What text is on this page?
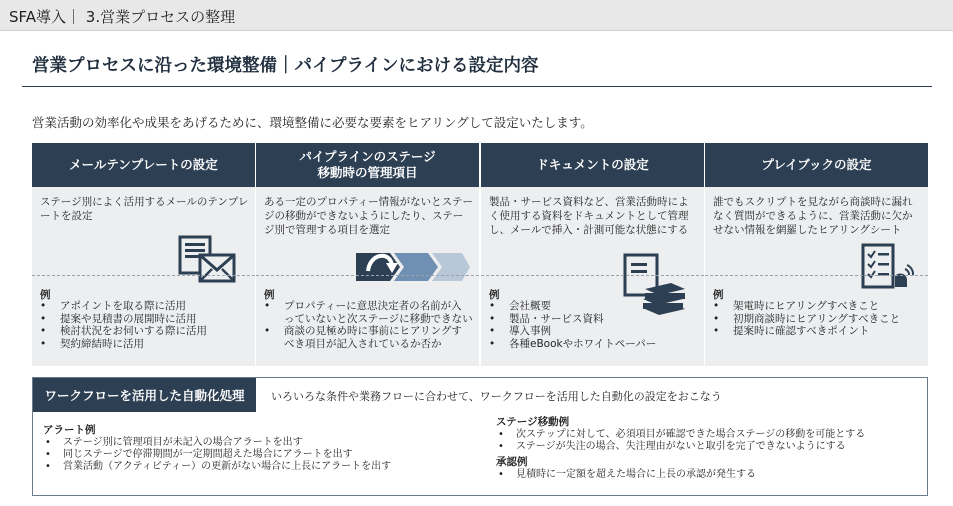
SFA導入｜ 3.営業プロセスの整理
営業プロセスに沿った環境整備｜パイプラインにおける設定内容
営業活動の効率化や成果をあげるために、環境整備に必要な要素をヒアリングして設定いたします。
メールテンプレートの設定
ステージ別によく活用するメールのテンプレートを設定
例
• アポイントを取る際に活用
• 提案や見積書の展開時に活用
• 検討状況をお伺いする際に活用
• 契約締結時に活用
パイプラインのステージ
移動時の管理項目
ある一定のプロパティー情報がないとステージの移動ができないようにしたり、ステージ別で管理する項目を選定
例
• プロパティーに意思決定者の名前が入
っていないと次ステージに移動できない
• 商談の見極め時に事前にヒアリングす
べき項目が記入されているか否か
ドキュメントの設定
製品・サービス資料など、営業活動時によく使用する資料をドキュメントとして管理し、メールで挿入・計測可能な状態にする
例
• 会社概要
• 製品・サービス資料
• 導入事例
• 各種eBookやホワイトペーパー
プレイブックの設定
誰でもスクリプトを見ながら商談時に漏れなく質問ができるように、営業活動に欠かせない情報を網羅したヒアリングシート
例
• 架電時にヒアリングすべきこと
• 初期商談時にヒアリングすべきこと
• 提案時に確認すべきポイント
ワークフローを活用した自動化処理	いろいろな条件や業務フローに合わせて、ワークフローを活用した自動化の設定をおこなう
アラート例
• ステージ別に管理項目が未記入の場合アラートを出す
• 同じステージで停滞期間が一定期間超えた場合にアラートを出す
• 営業活動（アクティビティー）の更新がない場合に上長にアラートを出す
ステージ移動例
• 次ステップに対して、必須項目が確認できた場合ステージの移動を可能とする
• ステージが失注の場合、失注理由がないと取引を完了できないようにする
承認例
• 見積時に一定額を超えた場合に上長の承認が発生する
